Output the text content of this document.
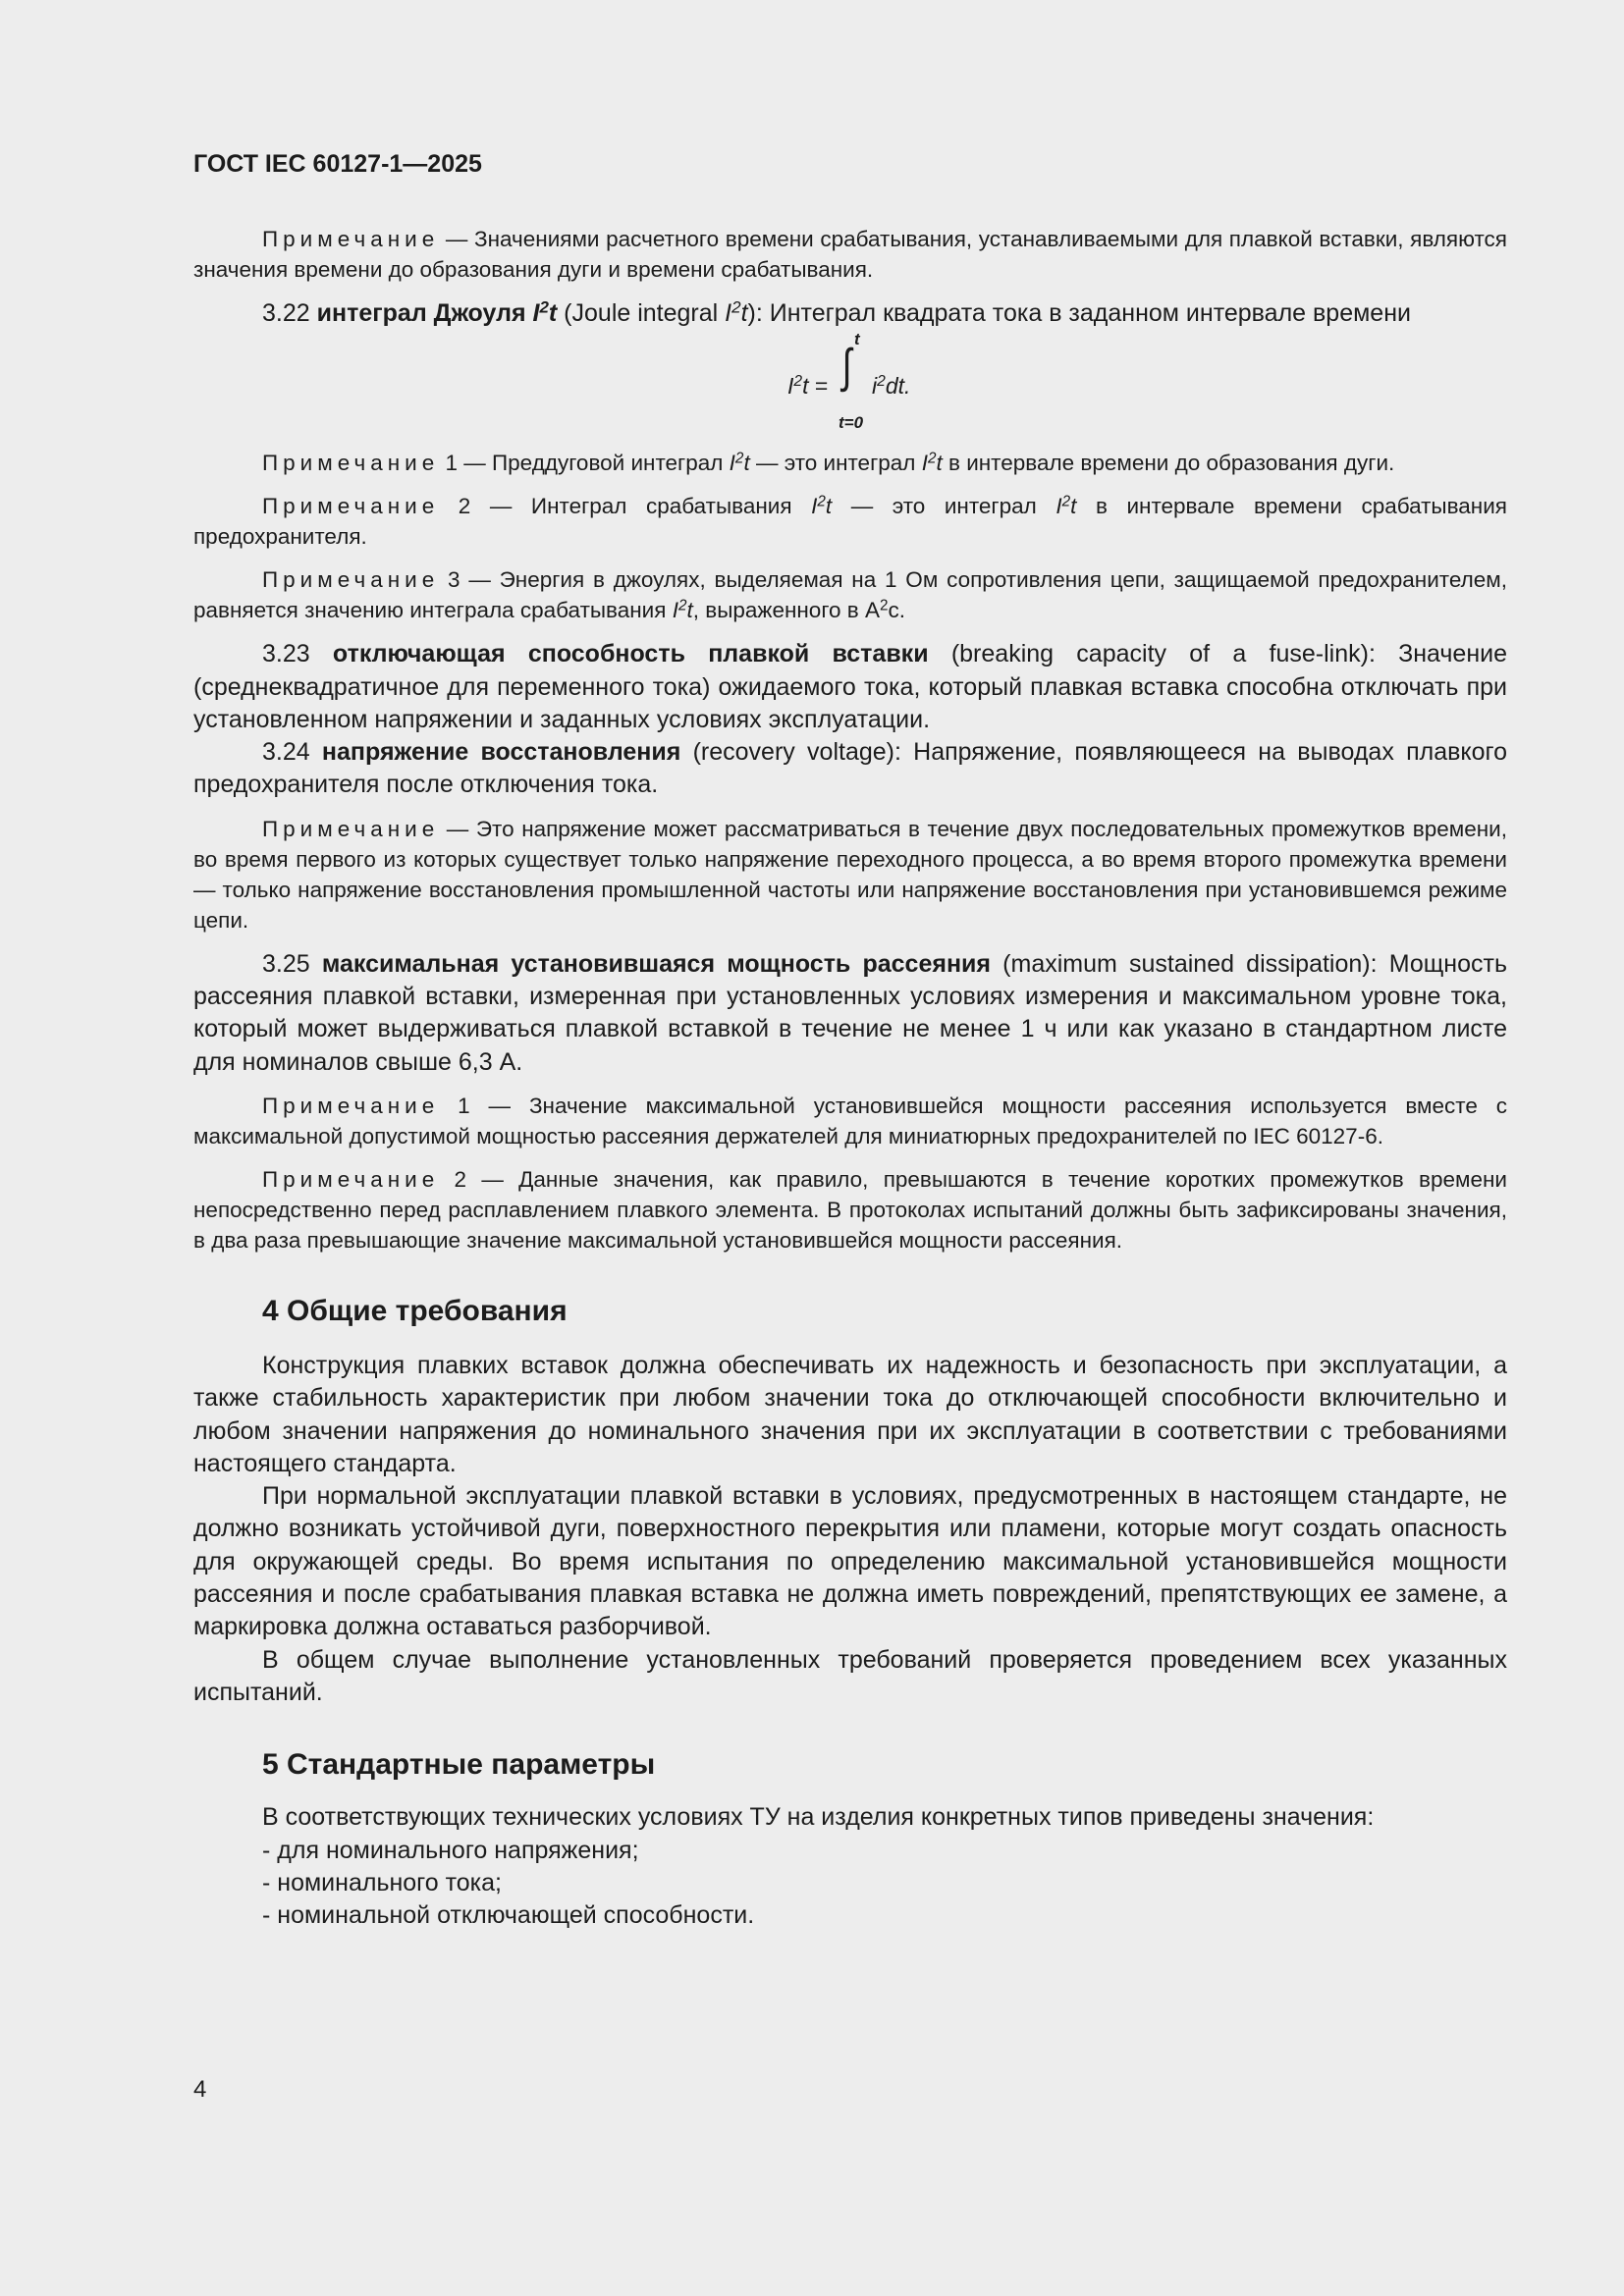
ГОСТ IEC 60127-1—2025

Примечание — Значениями расчетного времени срабатывания, устанавливаемыми для плавкой вставки, являются значения времени до образования дуги и времени срабатывания.

3.22 интеграл Джоуля $I^2t$ (Joule integral $I^2t$): Интеграл квадрата тока в заданном интервале времени

$I^2t$ =
t
∫
t=0
$i^2dt$.

Примечание 1 — Преддуговой интеграл $I^2t$ — это интеграл $I^2t$ в интервале времени до образования дуги.

Примечание 2 — Интеграл срабатывания $I^2t$ — это интеграл $I^2t$ в интервале времени срабатывания предохранителя.

Примечание 3 — Энергия в джоулях, выделяемая на 1 Ом сопротивления цепи, защищаемой предохранителем, равняется значению интеграла срабатывания $I^2t$, выраженного в $А^2с$.

3.23 отключающая способность плавкой вставки (breaking capacity of a fuse-link): Значение (среднеквадратичное для переменного тока) ожидаемого тока, который плавкая вставка способна отключать при установленном напряжении и заданных условиях эксплуатации.

3.24 напряжение восстановления (recovery voltage): Напряжение, появляющееся на выводах плавкого предохранителя после отключения тока.

Примечание — Это напряжение может рассматриваться в течение двух последовательных промежутков времени, во время первого из которых существует только напряжение переходного процесса, а во время второго промежутка времени — только напряжение восстановления промышленной частоты или напряжение восстановления при установившемся режиме цепи.

3.25 максимальная установившаяся мощность рассеяния (maximum sustained dissipation): Мощность рассеяния плавкой вставки, измеренная при установленных условиях измерения и максимальном уровне тока, который может выдерживаться плавкой вставкой в течение не менее 1 ч или как указано в стандартном листе для номиналов свыше 6,3 А.

Примечание 1 — Значение максимальной установившейся мощности рассеяния используется вместе с максимальной допустимой мощностью рассеяния держателей для миниатюрных предохранителей по IEC 60127-6.

Примечание 2 — Данные значения, как правило, превышаются в течение коротких промежутков времени непосредственно перед расплавлением плавкого элемента. В протоколах испытаний должны быть зафиксированы значения, в два раза превышающие значение максимальной установившейся мощности рассеяния.

4 Общие требования

Конструкция плавких вставок должна обеспечивать их надежность и безопасность при эксплуатации, а также стабильность характеристик при любом значении тока до отключающей способности включительно и любом значении напряжения до номинального значения при их эксплуатации в соответствии с требованиями настоящего стандарта.

При нормальной эксплуатации плавкой вставки в условиях, предусмотренных в настоящем стандарте, не должно возникать устойчивой дуги, поверхностного перекрытия или пламени, которые могут создать опасность для окружающей среды. Во время испытания по определению максимальной установившейся мощности рассеяния и после срабатывания плавкая вставка не должна иметь повреждений, препятствующих ее замене, а маркировка должна оставаться разборчивой.

В общем случае выполнение установленных требований проверяется проведением всех указанных испытаний.

5 Стандартные параметры

В соответствующих технических условиях ТУ на изделия конкретных типов приведены значения:

- для номинального напряжения;
- номинального тока;
- номинальной отключающей способности.
4
